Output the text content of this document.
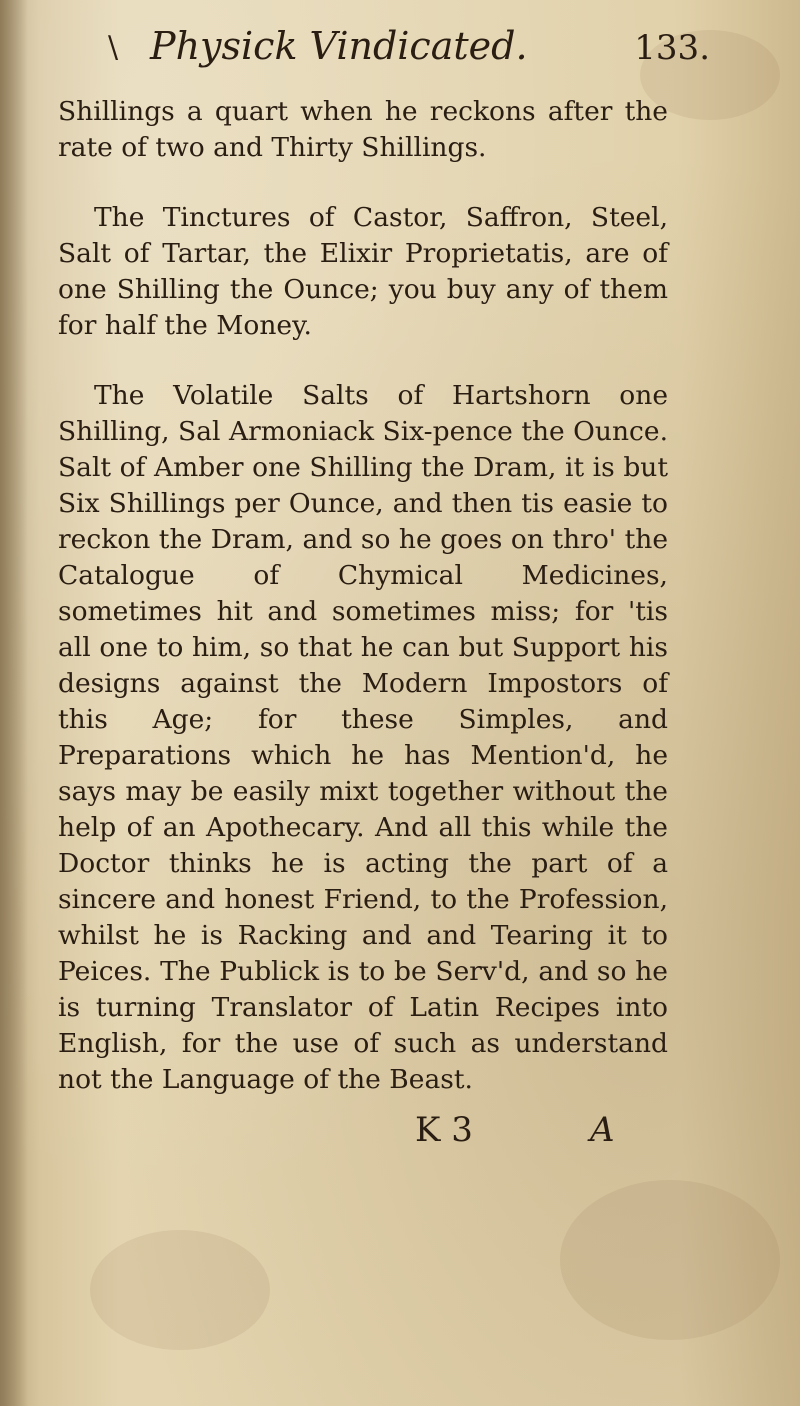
\ Physick Vindicated.	133.

Shillings a quart when he reckons after the rate of two and Thirty Shillings.

The Tinctures of Castor, Saffron, Steel, Salt of Tartar, the Elixir Proprietatis, are of one Shilling the Ounce; you buy any of them for half the Money.

The Volatile Salts of Hartshorn one Shilling, Sal Armoniack Six-pence the Ounce. Salt of Amber one Shilling the Dram, it is but Six Shillings per Ounce, and then tis easie to reckon the Dram, and so he goes on thro' the Catalogue of Chymical Medicines, sometimes hit and sometimes miss; for 'tis all one to him, so that he can but Support his designs against the Modern Impostors of this Age; for these Simples, and Preparations which he has Mention'd, he says may be easily mixt together without the help of an Apothecary. And all this while the Doctor thinks he is acting the part of a sincere and honest Friend, to the Profession, whilst he is Racking and and Tearing it to Peices. The Publick is to be Serv'd, and so he is turning Translator of Latin Recipes into English, for the use of such as understand not the Language of the Beast.

K 3	A
